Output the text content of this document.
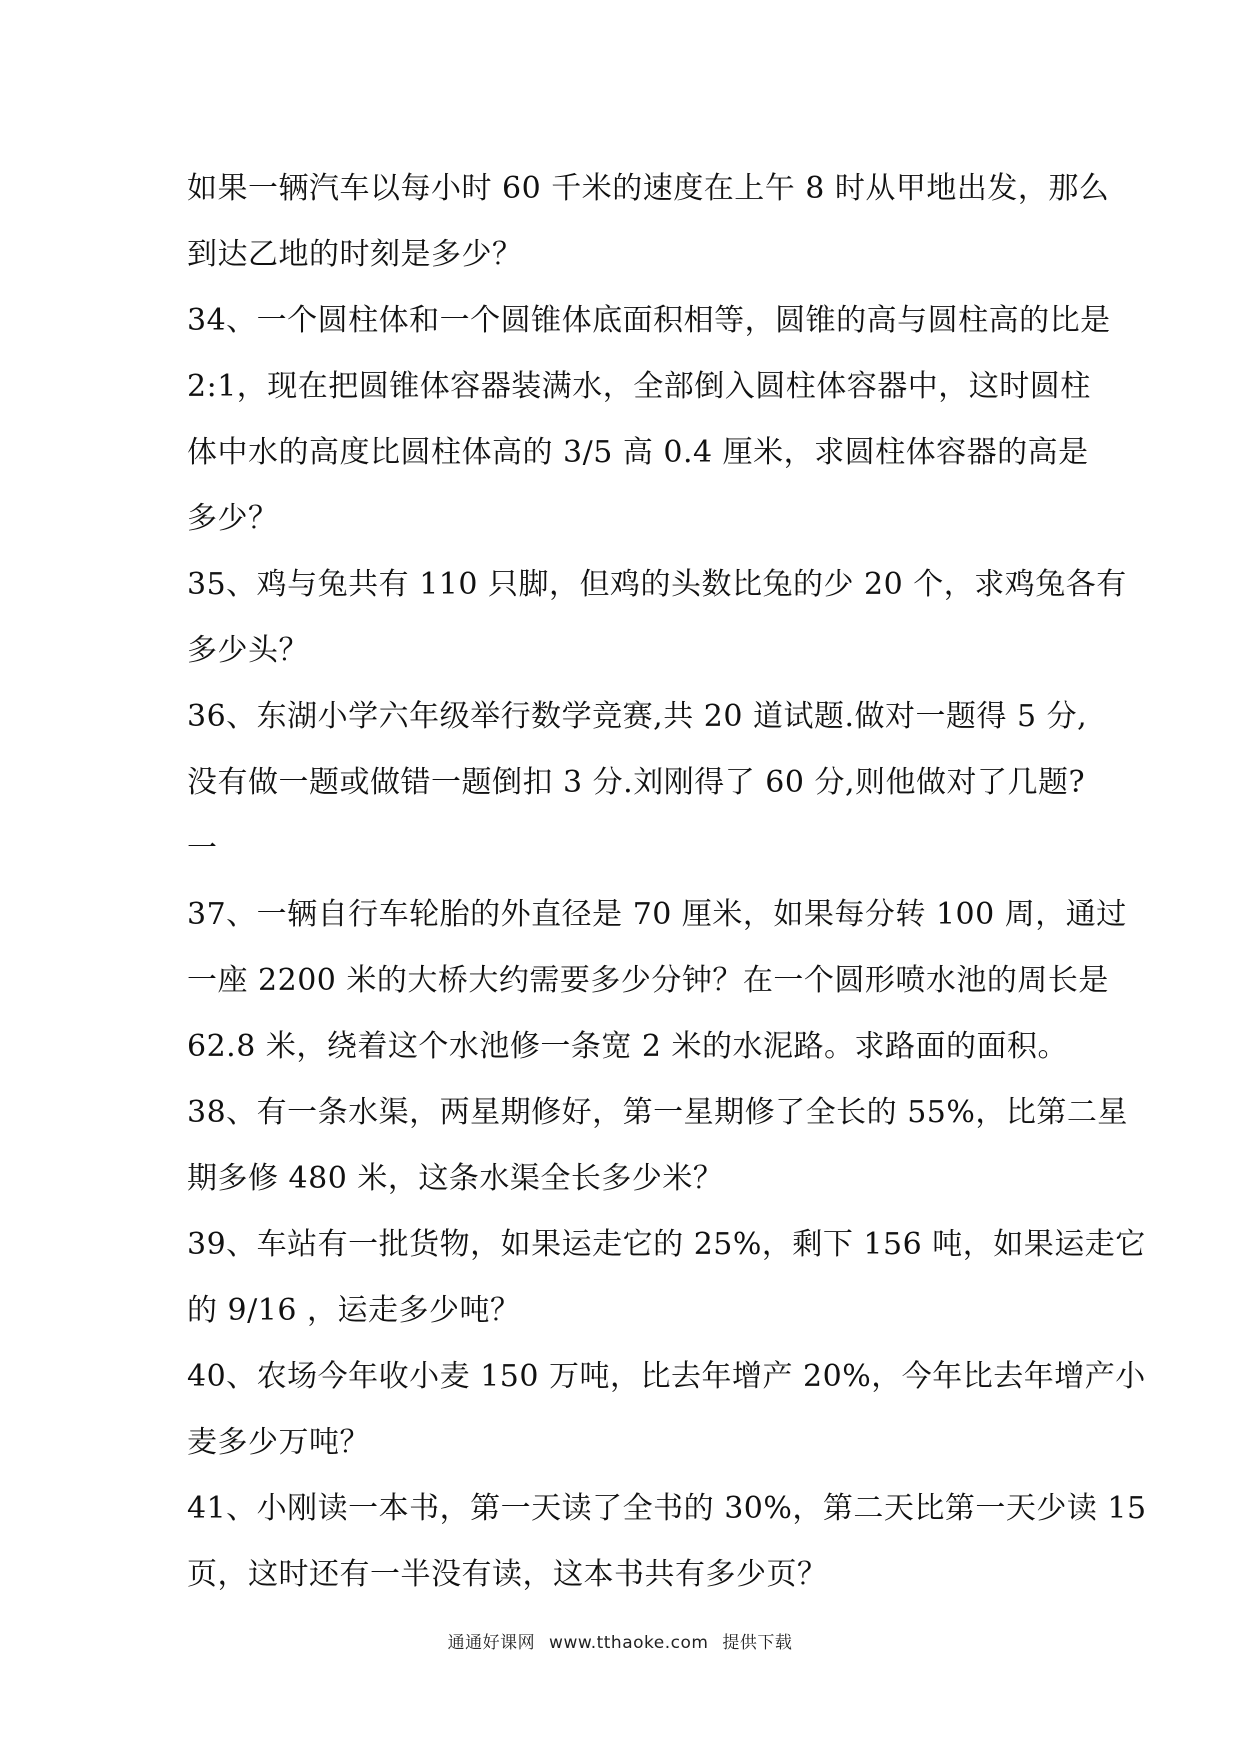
如果一辆汽车以每小时 60 千米的速度在上午 8 时从甲地出发，那么
到达乙地的时刻是多少？
34、一个圆柱体和一个圆锥体底面积相等，圆锥的高与圆柱高的比是
2:1，现在把圆锥体容器装满水，全部倒入圆柱体容器中，这时圆柱
体中水的高度比圆柱体高的 3/5 高 0.4 厘米，求圆柱体容器的高是
多少？
35、鸡与兔共有 110 只脚，但鸡的头数比兔的少 20 个，求鸡兔各有
多少头？
36、东湖小学六年级举行数学竞赛,共 20 道试题.做对一题得 5 分,
没有做一题或做错一题倒扣 3 分.刘刚得了 60 分,则他做对了几题?
一
37、一辆自行车轮胎的外直径是 70 厘米，如果每分转 100 周，通过
一座 2200 米的大桥大约需要多少分钟？在一个圆形喷水池的周长是
62.8 米，绕着这个水池修一条宽 2 米的水泥路。求路面的面积。
38、有一条水渠，两星期修好，第一星期修了全长的 55%，比第二星
期多修 480 米，这条水渠全长多少米？
39、车站有一批货物，如果运走它的 25%，剩下 156 吨，如果运走它
的 9/16 ，运走多少吨？
40、农场今年收小麦 150 万吨，比去年增产 20%，今年比去年增产小
麦多少万吨？
41、小刚读一本书，第一天读了全书的 30%，第二天比第一天少读 15
页，这时还有一半没有读，这本书共有多少页？
通通好课网 www.tthaoke.com 提供下载
